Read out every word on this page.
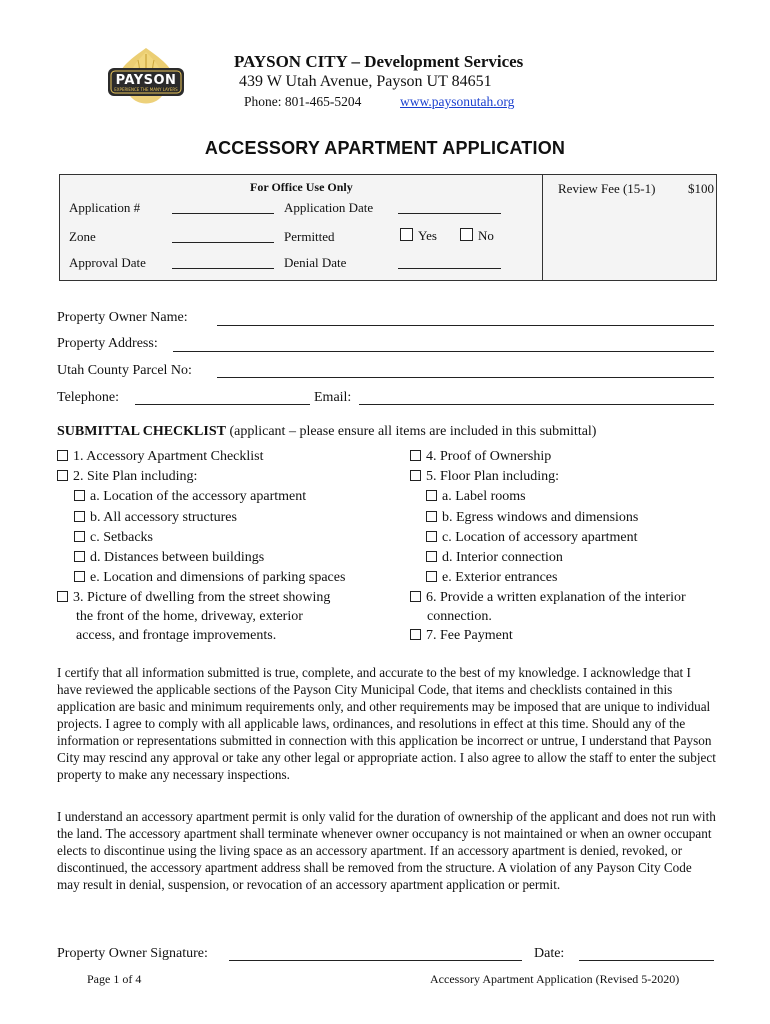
PAYSON
EXPERIENCE THE MANY LAYERS
PAYSON CITY – Development Services
439 W Utah Avenue, Payson UT 84651
Phone: 801-465-5204	www.paysonutah.org
ACCESSORY APARTMENT APPLICATION
For Office Use Only
Application #	Application Date
Zone	Permitted	Yes	No
Approval Date	Denial Date
Review Fee (15-1)	$100
Property Owner Name:
Property Address:
Utah County Parcel No:
Telephone:	Email:
SUBMITTAL CHECKLIST (applicant – please ensure all items are included in this submittal)
1. Accessory Apartment Checklist
2. Site Plan including:
a. Location of the accessory apartment
b. All accessory structures
c. Setbacks
d. Distances between buildings
e. Location and dimensions of parking spaces
3. Picture of dwelling from the street showing
the front of the home, driveway, exterior
access, and frontage improvements.
4. Proof of Ownership
5. Floor Plan including:
a. Label rooms
b. Egress windows and dimensions
c. Location of accessory apartment
d. Interior connection
e. Exterior entrances
6. Provide a written explanation of the interior
connection.
7. Fee Payment
I certify that all information submitted is true, complete, and accurate to the best of my knowledge. I acknowledge that I have reviewed the applicable sections of the Payson City Municipal Code, that items and checklists contained in this application are basic and minimum requirements only, and other requirements may be imposed that are unique to individual projects. I agree to comply with all applicable laws, ordinances, and resolutions in effect at this time. Should any of the information or representations submitted in connection with this application be incorrect or untrue, I understand that Payson City may rescind any approval or take any other legal or appropriate action. I also agree to allow the staff to enter the subject property to make any necessary inspections.
I understand an accessory apartment permit is only valid for the duration of ownership of the applicant and does not run with the land. The accessory apartment shall terminate whenever owner occupancy is not maintained or when an owner occupant elects to discontinue using the living space as an accessory apartment. If an accessory apartment is denied, revoked, or discontinued, the accessory apartment address shall be removed from the structure. A violation of any Payson City Code may result in denial, suspension, or revocation of an accessory apartment application or permit.
Property Owner Signature:	Date:
Page 1 of 4	Accessory Apartment Application (Revised 5-2020)
